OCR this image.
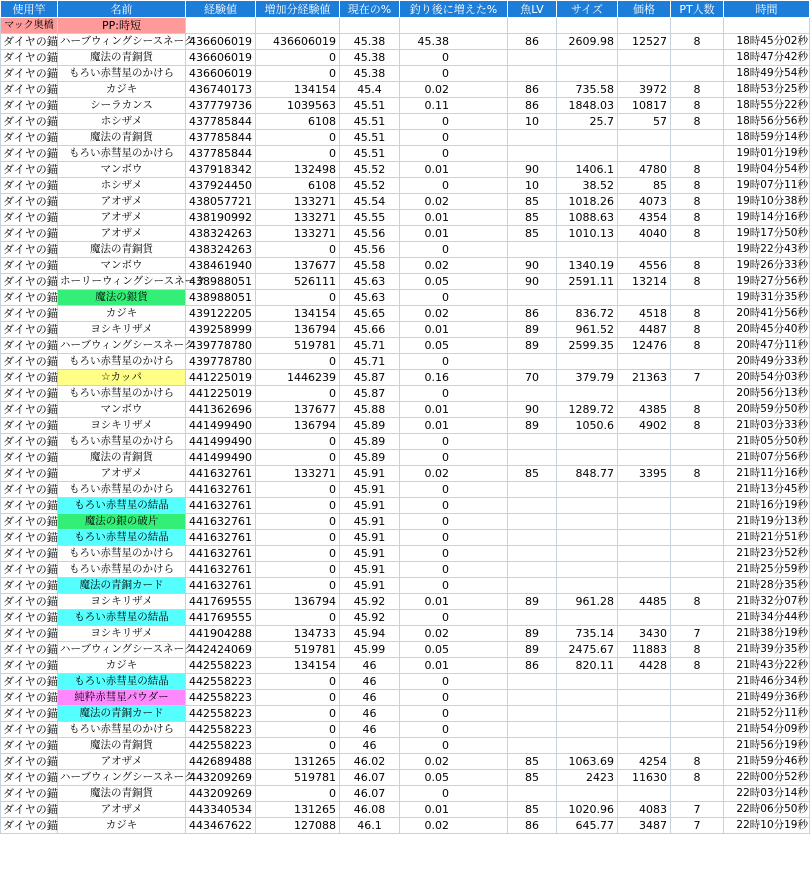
使用竿	名前	経験値	増加分経験値	現在の%	釣り後に増えた%	魚LV	サイズ	価格	PT人数	時間
マック奥橋	PP:時短									
ダイヤの錨	ハーブウィングシースネーク	436606019	436606019	45.38	45.38	86	2609.98	12527	8	18時45分02秒
ダイヤの錨	魔法の青銅貨	436606019	0	45.38	0					18時47分42秒
ダイヤの錨	もろい赤彗星のかけら	436606019	0	45.38	0					18時49分54秒
ダイヤの錨	カジキ	436740173	134154	45.4	0.02	86	735.58	3972	8	18時53分25秒
ダイヤの錨	シーラカンス	437779736	1039563	45.51	0.11	86	1848.03	10817	8	18時55分22秒
ダイヤの錨	ホシザメ	437785844	6108	45.51	0	10	25.7	57	8	18時56分56秒
ダイヤの錨	魔法の青銅貨	437785844	0	45.51	0					18時59分14秒
ダイヤの錨	もろい赤彗星のかけら	437785844	0	45.51	0					19時01分19秒
ダイヤの錨	マンボウ	437918342	132498	45.52	0.01	90	1406.1	4780	8	19時04分54秒
ダイヤの錨	ホシザメ	437924450	6108	45.52	0	10	38.52	85	8	19時07分11秒
ダイヤの錨	アオザメ	438057721	133271	45.54	0.02	85	1018.26	4073	8	19時10分38秒
ダイヤの錨	アオザメ	438190992	133271	45.55	0.01	85	1088.63	4354	8	19時14分16秒
ダイヤの錨	アオザメ	438324263	133271	45.56	0.01	85	1010.13	4040	8	19時17分50秒
ダイヤの錨	魔法の青銅貨	438324263	0	45.56	0					19時22分43秒
ダイヤの錨	マンボウ	438461940	137677	45.58	0.02	90	1340.19	4556	8	19時26分33秒
ダイヤの錨	ホーリーウィングシースネーク	438988051	526111	45.63	0.05	90	2591.11	13214	8	19時27分56秒
ダイヤの錨	魔法の銀貨	438988051	0	45.63	0					19時31分35秒
ダイヤの錨	カジキ	439122205	134154	45.65	0.02	86	836.72	4518	8	20時41分56秒
ダイヤの錨	ヨシキリザメ	439258999	136794	45.66	0.01	89	961.52	4487	8	20時45分40秒
ダイヤの錨	ハーブウィングシースネーク	439778780	519781	45.71	0.05	89	2599.35	12476	8	20時47分11秒
ダイヤの錨	もろい赤彗星のかけら	439778780	0	45.71	0					20時49分33秒
ダイヤの錨	☆カッパ	441225019	1446239	45.87	0.16	70	379.79	21363	7	20時54分03秒
ダイヤの錨	もろい赤彗星のかけら	441225019	0	45.87	0					20時56分13秒
ダイヤの錨	マンボウ	441362696	137677	45.88	0.01	90	1289.72	4385	8	20時59分50秒
ダイヤの錨	ヨシキリザメ	441499490	136794	45.89	0.01	89	1050.6	4902	8	21時03分33秒
ダイヤの錨	もろい赤彗星のかけら	441499490	0	45.89	0					21時05分50秒
ダイヤの錨	魔法の青銅貨	441499490	0	45.89	0					21時07分56秒
ダイヤの錨	アオザメ	441632761	133271	45.91	0.02	85	848.77	3395	8	21時11分16秒
ダイヤの錨	もろい赤彗星のかけら	441632761	0	45.91	0					21時13分45秒
ダイヤの錨	もろい赤彗星の結晶	441632761	0	45.91	0					21時16分19秒
ダイヤの錨	魔法の銀の破片	441632761	0	45.91	0					21時19分13秒
ダイヤの錨	もろい赤彗星の結晶	441632761	0	45.91	0					21時21分51秒
ダイヤの錨	もろい赤彗星のかけら	441632761	0	45.91	0					21時23分52秒
ダイヤの錨	もろい赤彗星のかけら	441632761	0	45.91	0					21時25分59秒
ダイヤの錨	魔法の青銅カード	441632761	0	45.91	0					21時28分35秒
ダイヤの錨	ヨシキリザメ	441769555	136794	45.92	0.01	89	961.28	4485	8	21時32分07秒
ダイヤの錨	もろい赤彗星の結晶	441769555	0	45.92	0					21時34分44秒
ダイヤの錨	ヨシキリザメ	441904288	134733	45.94	0.02	89	735.14	3430	7	21時38分19秒
ダイヤの錨	ハーブウィングシースネーク	442424069	519781	45.99	0.05	89	2475.67	11883	8	21時39分35秒
ダイヤの錨	カジキ	442558223	134154	46	0.01	86	820.11	4428	8	21時43分22秒
ダイヤの錨	もろい赤彗星の結晶	442558223	0	46	0					21時46分34秒
ダイヤの錨	純粋赤彗星パウダー	442558223	0	46	0					21時49分36秒
ダイヤの錨	魔法の青銅カード	442558223	0	46	0					21時52分11秒
ダイヤの錨	もろい赤彗星のかけら	442558223	0	46	0					21時54分09秒
ダイヤの錨	魔法の青銅貨	442558223	0	46	0					21時56分19秒
ダイヤの錨	アオザメ	442689488	131265	46.02	0.02	85	1063.69	4254	8	21時59分46秒
ダイヤの錨	ハーブウィングシースネーク	443209269	519781	46.07	0.05	85	2423	11630	8	22時00分52秒
ダイヤの錨	魔法の青銅貨	443209269	0	46.07	0					22時03分14秒
ダイヤの錨	アオザメ	443340534	131265	46.08	0.01	85	1020.96	4083	7	22時06分50秒
ダイヤの錨	カジキ	443467622	127088	46.1	0.02	86	645.77	3487	7	22時10分19秒
